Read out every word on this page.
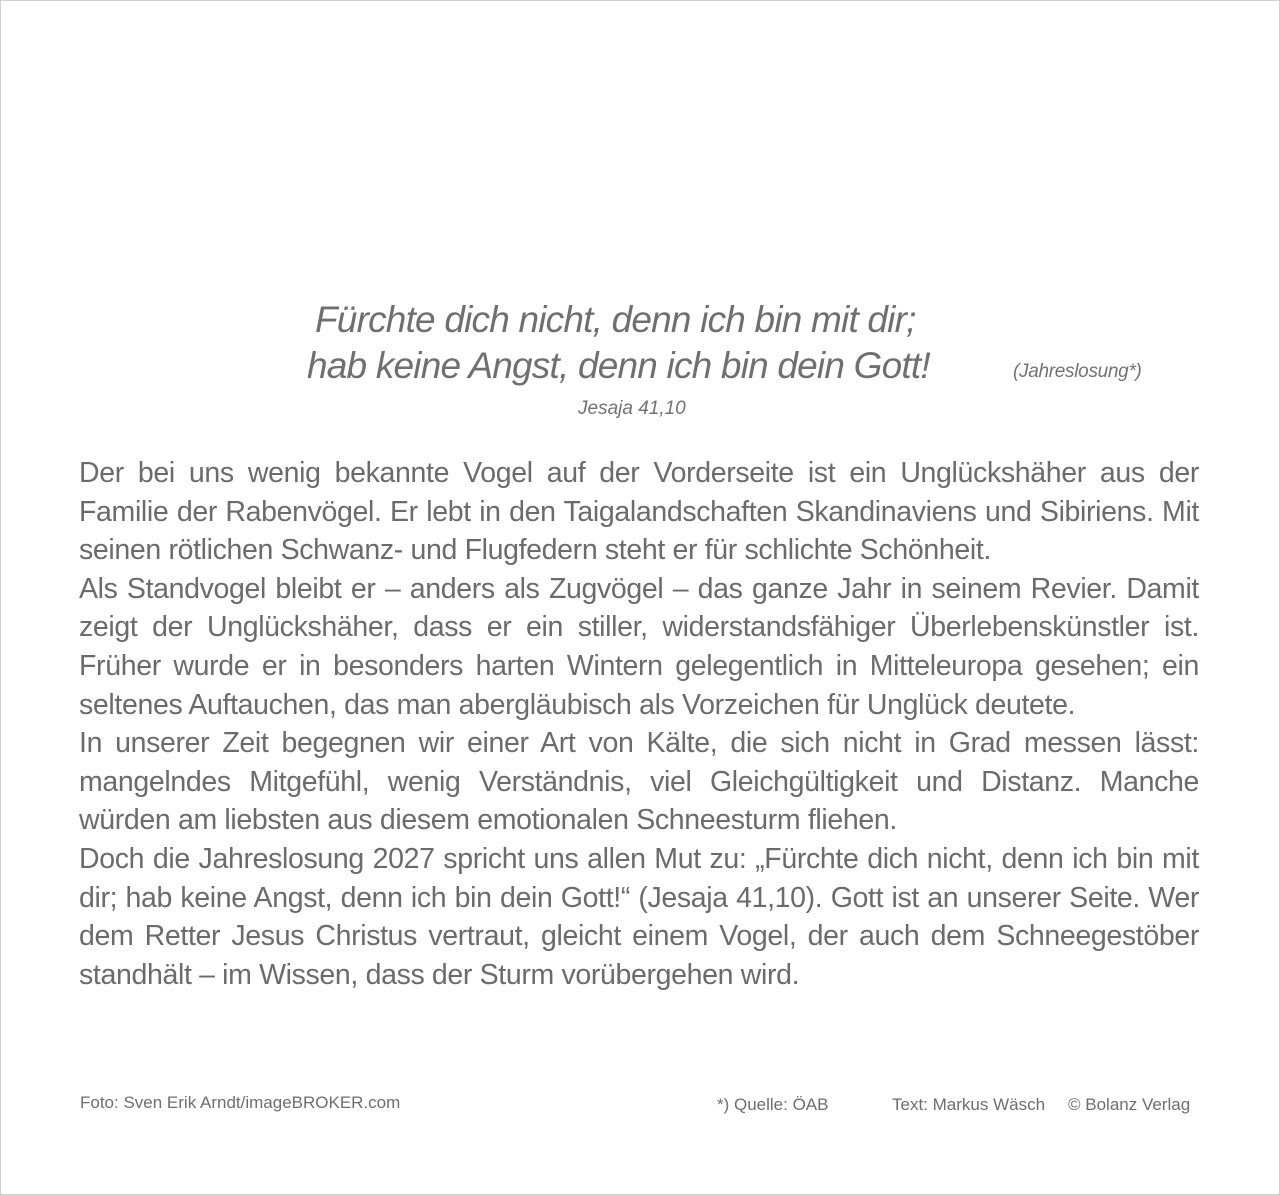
Fürchte dich nicht, denn ich bin mit dir;
hab keine Angst, denn ich bin dein Gott!	(Jahreslosung*)
Jesaja 41,10

Der bei uns wenig bekannte Vogel auf der Vorderseite ist ein Unglückshäher aus der Familie der Rabenvögel. Er lebt in den Taigalandschaften Skandinaviens und Sibiriens. Mit seinen rötlichen Schwanz- und Flugfedern steht er für schlichte Schönheit.

Als Standvogel bleibt er – anders als Zugvögel – das ganze Jahr in seinem Revier. Damit zeigt der Unglückshäher, dass er ein stiller, widerstandsfähiger Überlebenskünstler ist. Früher wurde er in besonders harten Wintern gelegentlich in Mitteleuropa gesehen; ein seltenes Auftauchen, das man abergläubisch als Vorzeichen für Unglück deutete.

In unserer Zeit begegnen wir einer Art von Kälte, die sich nicht in Grad messen lässt: mangelndes Mitgefühl, wenig Verständnis, viel Gleichgültigkeit und Distanz. Manche würden am liebsten aus diesem emotionalen Schneesturm fliehen.

Doch die Jahreslosung 2027 spricht uns allen Mut zu: „Fürchte dich nicht, denn ich bin mit dir; hab keine Angst, denn ich bin dein Gott!“ (Jesaja 41,10). Gott ist an unserer Seite. Wer dem Retter Jesus Christus vertraut, gleicht einem Vogel, der auch dem Schneegestöber standhält – im Wissen, dass der Sturm vorübergehen wird.

Foto: Sven Erik Arndt/imageBROKER.com	*) Quelle: ÖAB	Text: Markus Wäsch © Bolanz Verlag
